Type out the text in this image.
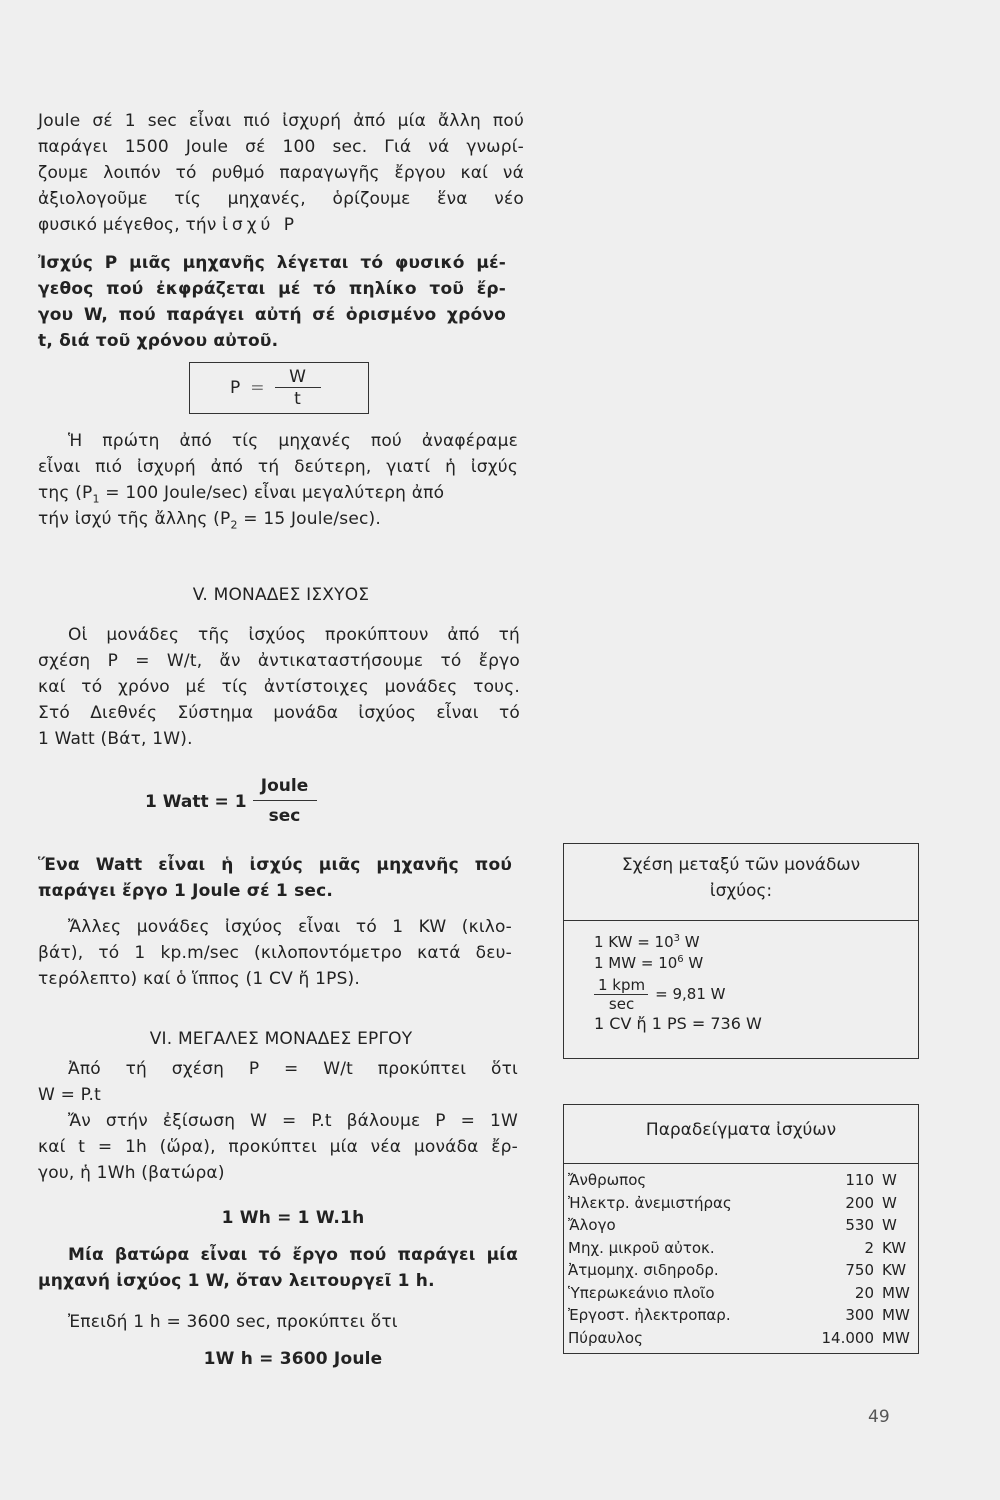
Joule σέ 1 sec εἶναι πιό ἰσχυρή ἀπό μία ἄλλη πού
παράγει 1500 Joule σέ 100 sec. Γιά νά γνωρί-
ζουμε λοιπόν τό ρυθμό παραγωγῆς ἔργου καί νά
ἀξιολογοῦμε τίς μηχανές, ὁρίζουμε ἕνα νέο
φυσικό μέγεθος, τήν ἰσχύ P
Ἰσχύς P μιᾶς μηχανῆς λέγεται τό φυσικό μέ-
γεθος πού ἐκφράζεται μέ τό πηλίκο τοῦ ἔρ-
γου W, πού παράγει αὐτή σέ ὁρισμένο χρόνο
t, διά τοῦ χρόνου αὐτοῦ.
$P = \frac{W}{t}$
Ἡ πρώτη ἀπό τίς μηχανές πού ἀναφέραμε
εἶναι πιό ἰσχυρή ἀπό τή δεύτερη, γιατί ἡ ἰσχύς
της ($P_1 = 100$ Joule/sec) εἶναι μεγαλύτερη ἀπό
τήν ἰσχύ τῆς ἄλλης ($P_2 = 15$ Joule/sec).
V. ΜΟΝΑΔΕΣ ΙΣΧΥΟΣ
Οἱ μονάδες τῆς ἰσχύος προκύπτουν ἀπό τή
σχέση P = W/t, ἄν ἀντικαταστήσουμε τό ἔργο
καί τό χρόνο μέ τίς ἀντίστοιχες μονάδες τους.
Στό Διεθνές Σύστημα μονάδα ἰσχύος εἶναι τό
1 Watt (Βάτ, 1W).
1 Watt = $1 \frac{\text{Joule}}{\sec}$
Ἕνα Watt εἶναι ἡ ἰσχύς μιᾶς μηχανῆς πού
παράγει ἔργο 1 Joule σέ 1 sec.
Ἄλλες μονάδες ἰσχύος εἶναι τό 1 KW (κιλο-
βάτ), τό 1 kp.m/sec (κιλοποντόμετρο κατά δευ-
τερόλεπτο) καί ὁ ἵππος (1 CV ἤ 1PS).
VI. ΜΕΓΑΛΕΣ ΜΟΝΑΔΕΣ ΕΡΓΟΥ
Ἀπό τή σχέση P = W/t προκύπτει ὅτι
W = P.t
Ἄν στήν ἐξίσωση W = P.t βάλουμε P = 1W
καί t = 1h (ὥρα), προκύπτει μία νέα μονάδα ἔρ-
γου, ἡ 1Wh (βατώρα)
1 Wh = 1 W.1h
Μία βατώρα εἶναι τό ἔργο πού παράγει μία
μηχανή ἰσχύος 1 W, ὅταν λειτουργεῖ 1 h.
Ἐπειδή 1 h = 3600 sec, προκύπτει ὅτι
1W h = 3600 Joule
Σχέση μεταξύ τῶν μονάδων
ἰσχύος:
1 KW = $10^3$ W
1 MW = $10^6$ W
$\frac{\text{1 kpm}}{\sec} = 9,81$ W
1 CV ἤ 1 PS = 736 W
Παραδείγματα ἰσχύων
Ἄνθρωπος	110	W
Ἠλεκτρ. ἀνεμιστήρας	200	W
Ἄλογο	530	W
Μηχ. μικροῦ αὐτοκ.	2	KW
Ἀτμομηχ. σιδηροδρ.	750	KW
Ὑπερωκεάνιο πλοῖο	20	MW
Ἐργοστ. ἠλεκτροπαρ.	300	MW
Πύραυλος	14.000	MW
49
